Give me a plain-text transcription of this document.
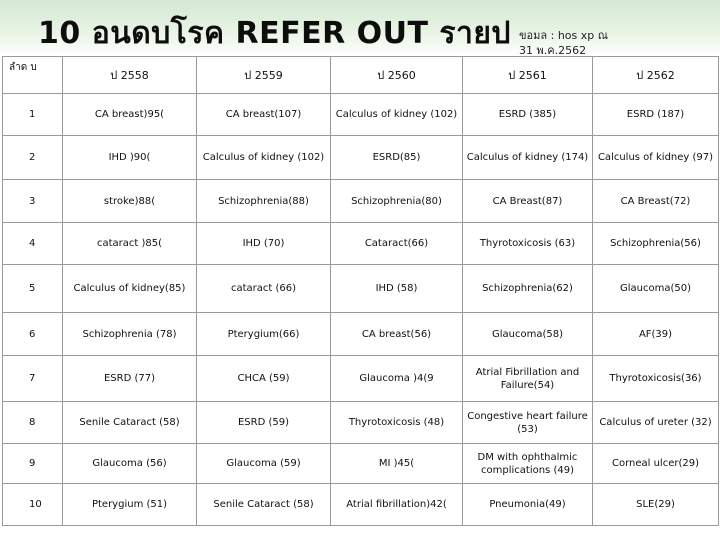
10 อนดบโรค REFER OUT รายป ขอมล : hos xp ณ 31 พ.ค.2562
ลำด บ	ป 2558	ป 2559	ป 2560	ป 2561	ป 2562
1	CA breast)95(	CA breast(107)	Calculus of kidney (102)	ESRD (385)	ESRD (187)
2	IHD )90(	Calculus of kidney (102)	ESRD(85)	Calculus of kidney (174)	Calculus of kidney (97)
3	stroke)88(	Schizophrenia(88)	Schizophrenia(80)	CA Breast(87)	CA Breast(72)
4	cataract )85(	IHD (70)	Cataract(66)	Thyrotoxicosis (63)	Schizophrenia(56)
5	Calculus of kidney(85)	cataract (66)	IHD (58)	Schizophrenia(62)	Glaucoma(50)
6	Schizophrenia (78)	Pterygium(66)	CA breast(56)	Glaucoma(58)	AF(39)
7	ESRD (77)	CHCA (59)	Glaucoma )4(9	Atrial Fibrillation and Failure(54)	Thyrotoxicosis(36)
8	Senile Cataract (58)	ESRD (59)	Thyrotoxicosis (48)	Congestive heart failure (53)	Calculus of ureter (32)
9	Glaucoma (56)	Glaucoma (59)	MI )45(	DM with ophthalmic complications (49)	Corneal ulcer(29)
10	Pterygium (51)	Senile Cataract (58)	Atrial fibrillation)42(	Pneumonia(49)	SLE(29)
